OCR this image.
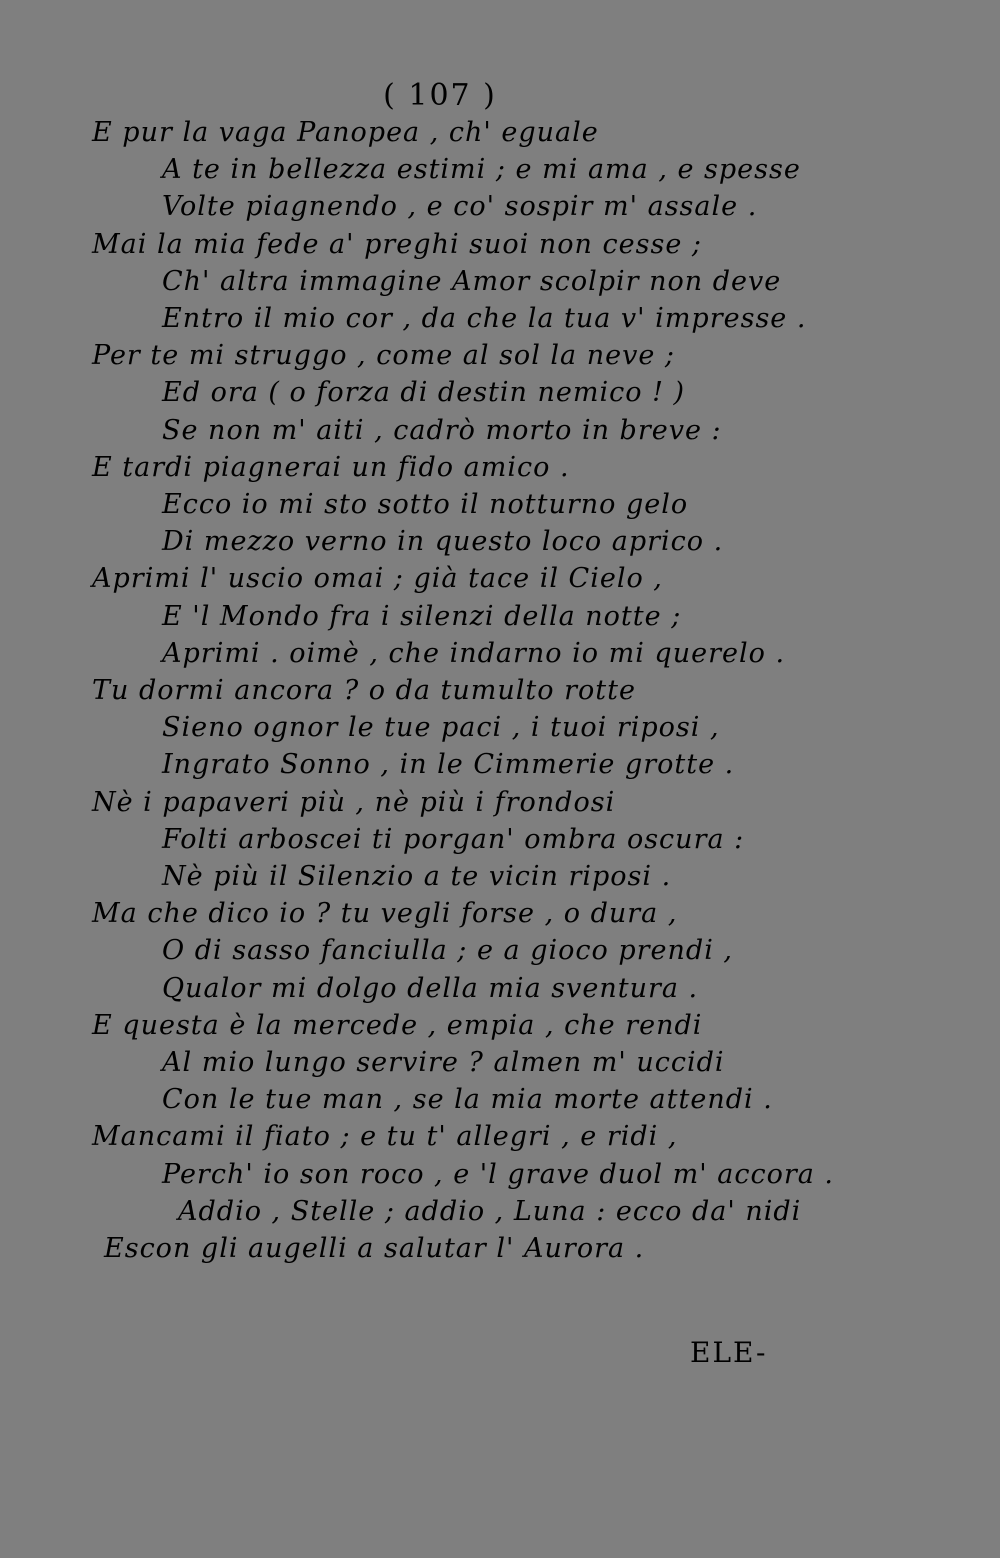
( 107 )
E pur la vaga Panopea , ch' eguale
A te in bellezza estimi ; e mi ama , e spesse
Volte piagnendo , e co' sospir m' assale .
Mai la mia fede a' preghi suoi non cesse ;
Ch' altra immagine Amor scolpir non deve
Entro il mio cor , da che la tua v' impresse .
Per te mi struggo , come al sol la neve ;
Ed ora ( o forza di destin nemico ! )
Se non m' aiti , cadrò morto in breve :
E tardi piagnerai un fido amico .
Ecco io mi sto sotto il notturno gelo
Di mezzo verno in questo loco aprico .
Aprimi l' uscio omai ; già tace il Cielo ,
E 'l Mondo fra i silenzi della notte ;
Aprimi . oimè , che indarno io mi querelo .
Tu dormi ancora ? o da tumulto rotte
Sieno ognor le tue paci , i tuoi riposi ,
Ingrato Sonno , in le Cimmerie grotte .
Nè i papaveri più , nè più i frondosi
Folti arboscei ti porgan' ombra oscura :
Nè più il Silenzio a te vicin riposi .
Ma che dico io ? tu vegli forse , o dura ,
O di sasso fanciulla ; e a gioco prendi ,
Qualor mi dolgo della mia sventura .
E questa è la mercede , empia , che rendi
Al mio lungo servire ? almen m' uccidi
Con le tue man , se la mia morte attendi .
Mancami il fiato ; e tu t' allegri , e ridi ,
Perch' io son roco , e 'l grave duol m' accora .
Addio , Stelle ; addio , Luna : ecco da' nidi
Escon gli augelli a salutar l' Aurora .
ELE-
